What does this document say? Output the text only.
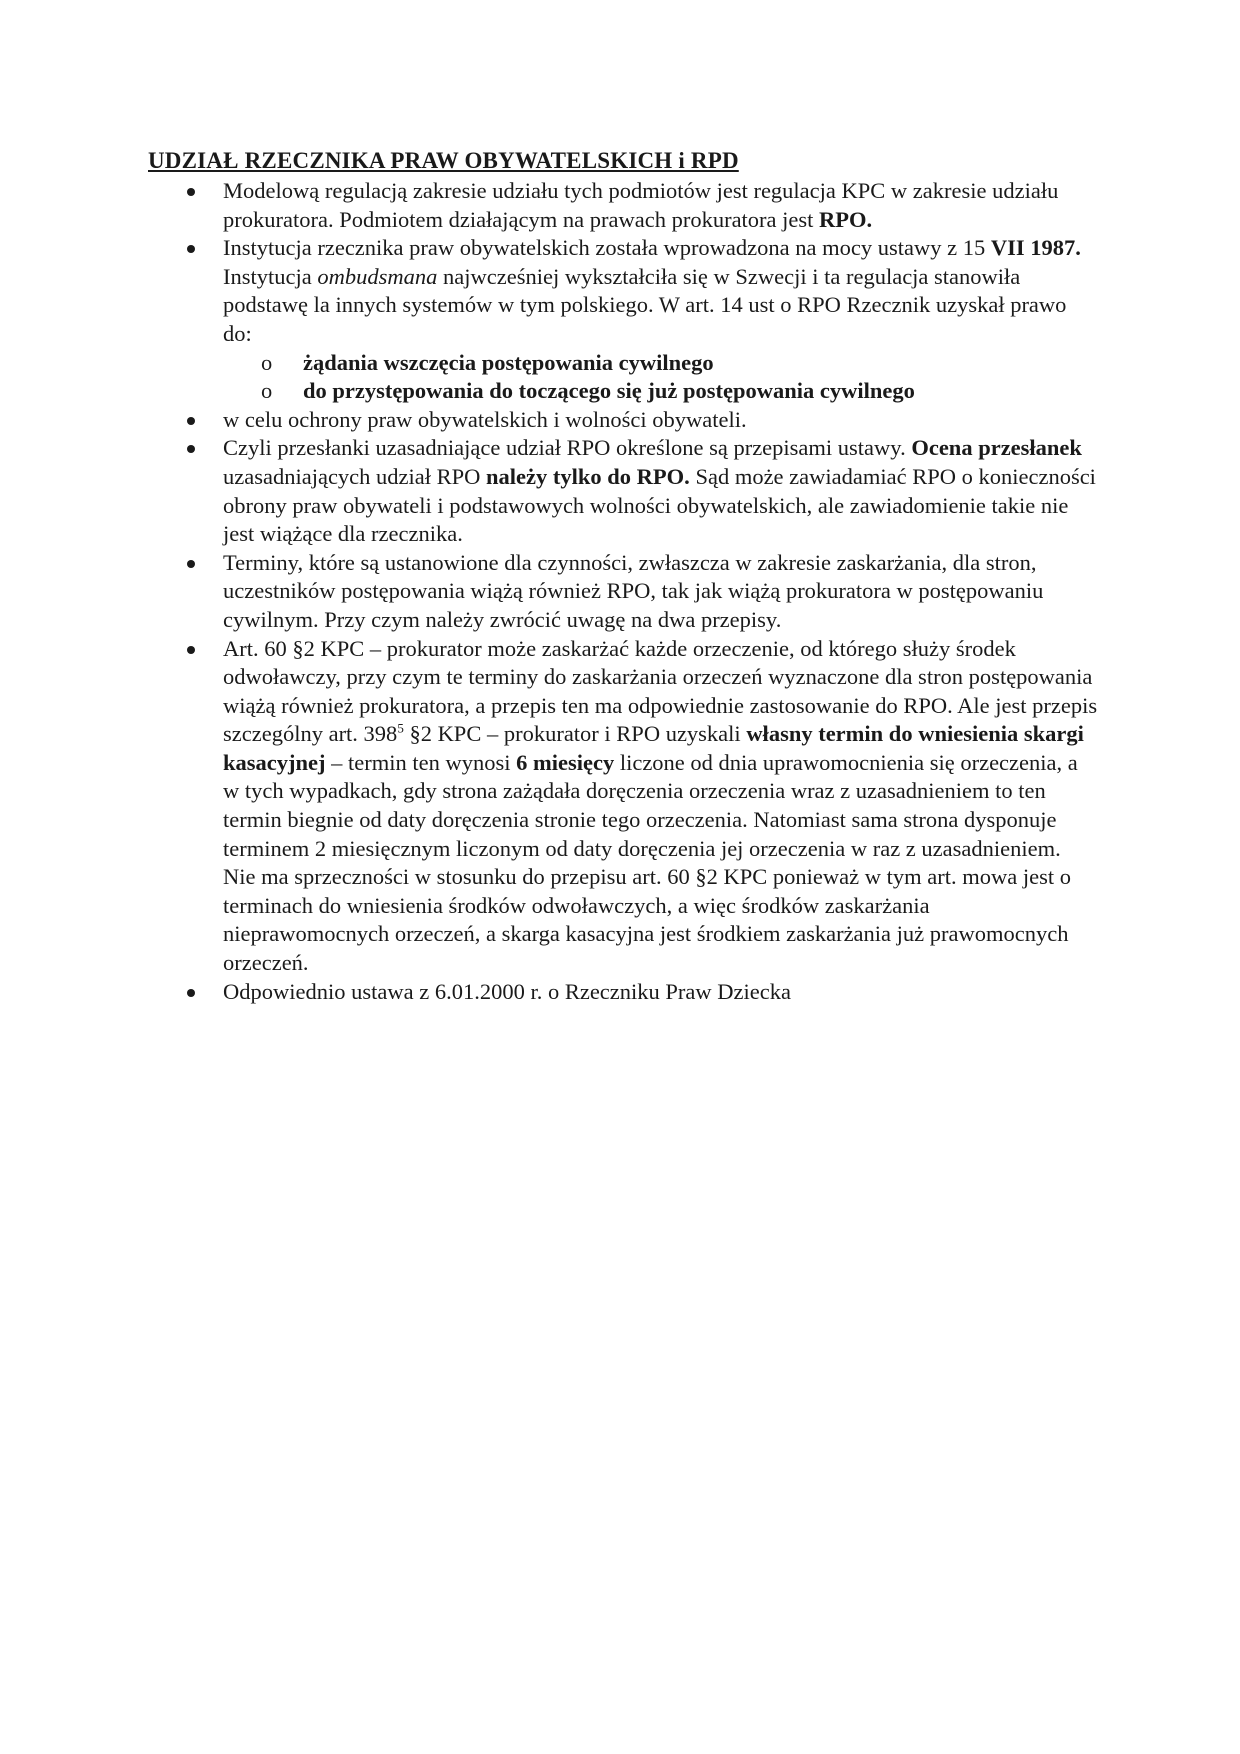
UDZIAŁ RZECZNIKA PRAW OBYWATELSKICH i RPD
Modelową regulacją zakresie udziału tych podmiotów jest regulacja KPC w zakresie udziału prokuratora. Podmiotem działającym na prawach prokuratora jest RPO.
Instytucja rzecznika praw obywatelskich została wprowadzona na mocy ustawy z 15 VII 1987. Instytucja ombudsmana najwcześniej wykształciła się w Szwecji i ta regulacja stanowiła podstawę la innych systemów w tym polskiego. W art. 14 ust o RPO Rzecznik uzyskał prawo do:
o żądania wszczęcia postępowania cywilnego
o do przystępowania do toczącego się już postępowania cywilnego
w celu ochrony praw obywatelskich i wolności obywateli.
Czyli przesłanki uzasadniające udział RPO określone są przepisami ustawy. Ocena przesłanek uzasadniających udział RPO należy tylko do RPO. Sąd może zawiadamiać RPO o konieczności obrony praw obywateli i podstawowych wolności obywatelskich, ale zawiadomienie takie nie jest wiążące dla rzecznika.
Terminy, które są ustanowione dla czynności, zwłaszcza w zakresie zaskarżania, dla stron, uczestników postępowania wiążą również RPO, tak jak wiążą prokuratora w postępowaniu cywilnym. Przy czym należy zwrócić uwagę na dwa przepisy.
Art. 60 §2 KPC – prokurator może zaskarżać każde orzeczenie, od którego służy środek odwoławczy, przy czym te terminy do zaskarżania orzeczeń wyznaczone dla stron postępowania wiążą również prokuratora, a przepis ten ma odpowiednie zastosowanie do RPO. Ale jest przepis szczególny art. $398^5$ §2 KPC – prokurator i RPO uzyskali własny termin do wniesienia skargi kasacyjnej – termin ten wynosi 6 miesięcy liczone od dnia uprawomocnienia się orzeczenia, a w tych wypadkach, gdy strona zażądała doręczenia orzeczenia wraz z uzasadnieniem to ten termin biegnie od daty doręczenia stronie tego orzeczenia. Natomiast sama strona dysponuje terminem 2 miesięcznym liczonym od daty doręczenia jej orzeczenia w raz z uzasadnieniem. Nie ma sprzeczności w stosunku do przepisu art. 60 §2 KPC ponieważ w tym art. mowa jest o terminach do wniesienia środków odwoławczych, a więc środków zaskarżania nieprawomocnych orzeczeń, a skarga kasacyjna jest środkiem zaskarżania już prawomocnych orzeczeń.
Odpowiednio ustawa z 6.01.2000 r. o Rzeczniku Praw Dziecka
